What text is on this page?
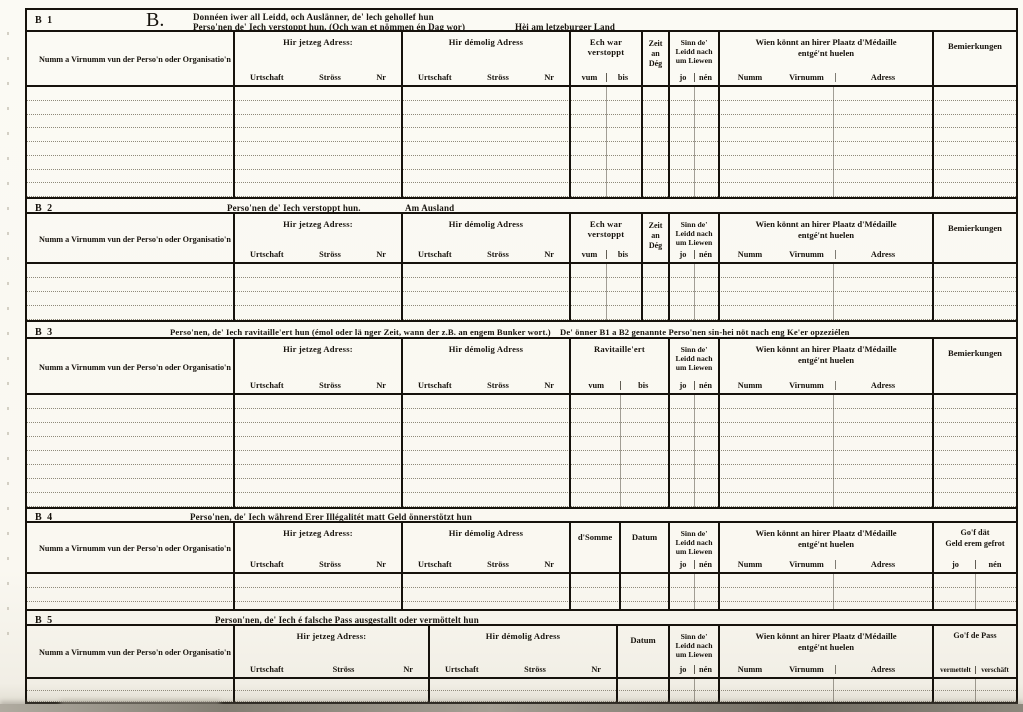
B 1	B.	Donnéen iwer all Leidd, och Auslänner, de' lech gehollef hun
Perso'nen de' Iech verstoppt hun. (Och wan et nömmen én Dag wor)	Hèi am letzeburger Land
Numm a Virnumm vun der Perso'n oder Organisatio'n
Hir jetzeg Adress:
Urtschaft	Ströss	Nr
Hir démolig Adress
Urtschaft	Ströss	Nr
Ech war verstoppt
vum	bis
Zeit
an
Dég
Sinn de'
Leidd nach
um Liewen
jo	nén
Wien könnt an hirer Plaatz d'Médaille
entgé'nt huelen
Numm	Virnumm	Adress
Bemierkungen
B 2	Perso'nen de' Iech verstoppt hun.	Am Ausland
Numm a Virnumm vun der Perso'n oder Organisatio'n
Hir jetzeg Adress:
Urtschaft	Ströss	Nr
Hir démolig Adress
Urtschaft	Ströss	Nr
Ech war verstoppt
vum	bis
Zeit
an
Dég
Sinn de'
Leidd nach
um Liewen
jo	nén
Wien könnt an hirer Plaatz d'Médaille
entgé'nt huelen
Numm	Virnumm	Adress
Bemierkungen
B 3	Perso'nen, de' Iech ravitaille'ert hun (émol oder lä nger Zeit, wann der z.B. an engem Bunker wort.) De' önner B1 a B2 genannte Perso'nen sin-hei nöt nach eng Ke'er opzeziélen
Numm a Virnumm vun der Perso'n oder Organisatio'n
Hir jetzeg Adress:
Urtschaft	Ströss	Nr
Hir démolig Adress
Urtschaft	Ströss	Nr
Ravitaille'ert
vum	bis
Sinn de'
Leidd nach
um Liewen
jo	nén
Wien könnt an hirer Plaatz d'Médaille
entgé'nt huelen
Numm	Virnumm	Adress
Bemierkungen
B 4	Perso'nen, de' Iech während Erer Illégalitét matt Geld önnerstötzt hun
Numm a Virnumm vun der Perso'n oder Organisatio'n
Hir jetzeg Adress:
Urtschaft	Ströss	Nr
Hir démolig Adress
Urtschaft	Ströss	Nr
d'Somme	Datum	Sinn de'
Leidd nach
um Liewen
jo	nén
Wien könnt an hirer Plaatz d'Médaille
entgé'nt huelen
Numm	Virnumm	Adress
Go'f dät
Geld erem gefrot
jo	nén
B 5	Person'nen, de' Iech é falsche Pass ausgestallt oder vermöttelt hun
Numm a Virnumm vun der Perso'n oder Organisatio'n
Hir jetzeg Adress:
Urtschaft	Ströss	Nr
Hir démolig Adress
Urtschaft	Ströss	Nr
Datum	Sinn de'
Leidd nach
um Liewen
jo	nén
Wien könnt an hirer Plaatz d'Médaille
entgé'nt huelen
Numm	Virnumm	Adress
Go'f de Pass
vermettelt	verschäft
